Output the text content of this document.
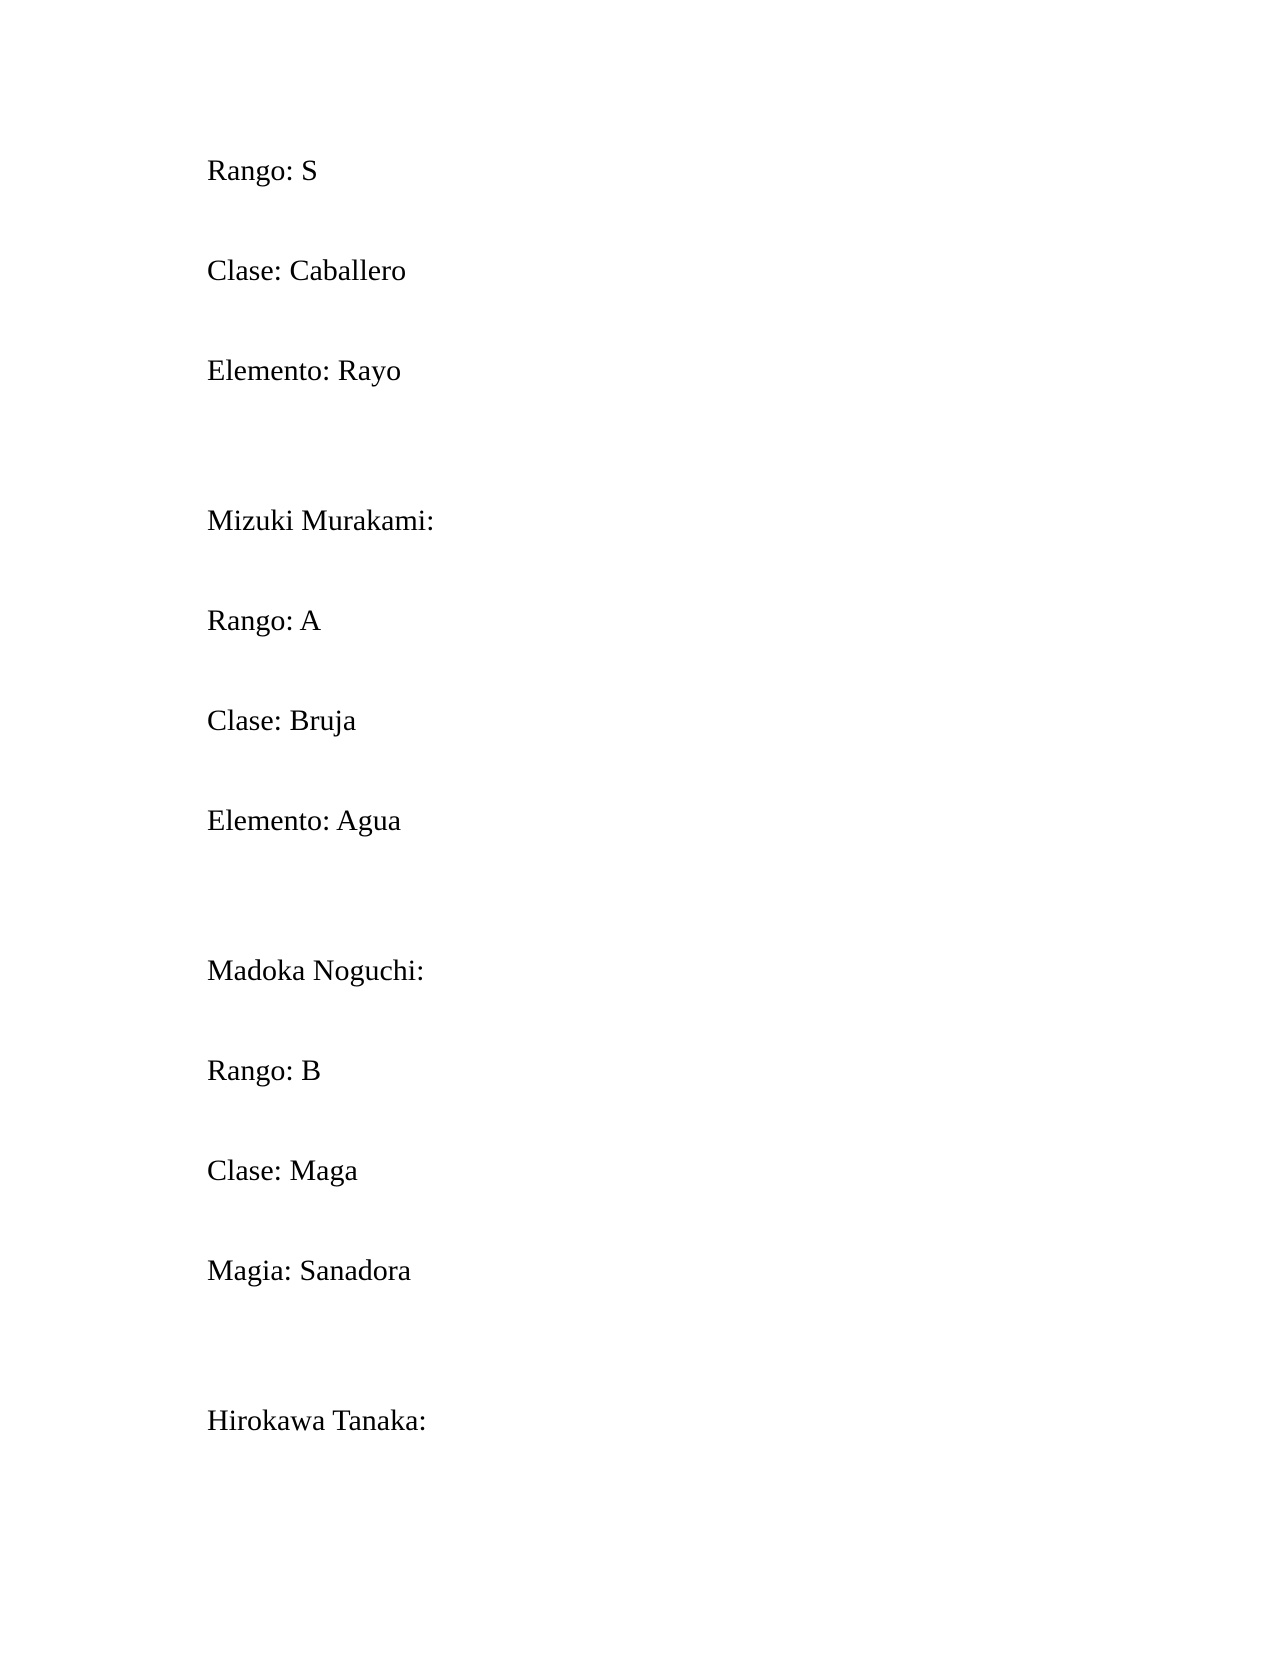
Rango: S

Clase: Caballero

Elemento: Rayo

Mizuki Murakami:

Rango: A

Clase: Bruja

Elemento: Agua

Madoka Noguchi:

Rango: B

Clase: Maga

Magia: Sanadora

Hirokawa Tanaka:
